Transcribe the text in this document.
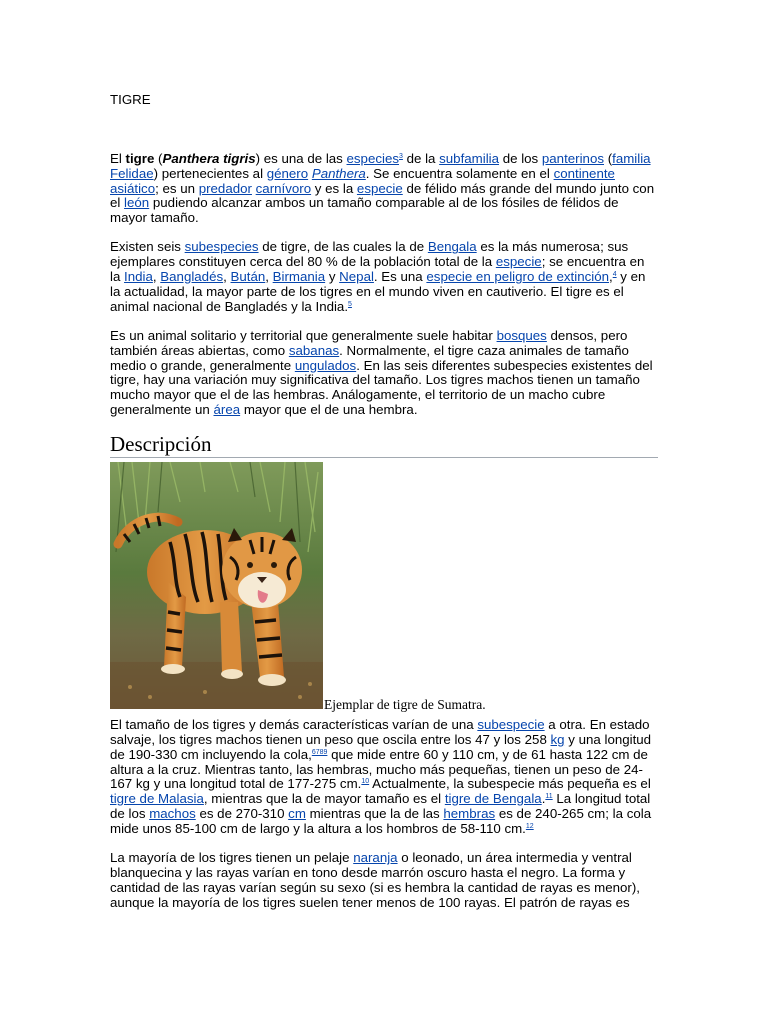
TIGRE

El tigre (Panthera tigris) es una de las especies$^3$ de la subfamilia de los panterinos (familia Felidae) pertenecientes al género Panthera. Se encuentra solamente en el continente asiático; es un predador carnívoro y es la especie de félido más grande del mundo junto con el león pudiendo alcanzar ambos un tamaño comparable al de los fósiles de félidos de mayor tamaño.

Existen seis subespecies de tigre, de las cuales la de Bengala es la más numerosa; sus ejemplares constituyen cerca del 80 % de la población total de la especie; se encuentra en la India, Bangladés, Bután, Birmania y Nepal. Es una especie en peligro de extinción,$^4$ y en la actualidad, la mayor parte de los tigres en el mundo viven en cautiverio. El tigre es el animal nacional de Bangladés y la India.$^5$

Es un animal solitario y territorial que generalmente suele habitar bosques densos, pero también áreas abiertas, como sabanas. Normalmente, el tigre caza animales de tamaño medio o grande, generalmente ungulados. En las seis diferentes subespecies existentes del tigre, hay una variación muy significativa del tamaño. Los tigres machos tienen un tamaño mucho mayor que el de las hembras. Análogamente, el territorio de un macho cubre generalmente un área mayor que el de una hembra.

Descripción
Ejemplar de tigre de Sumatra.

El tamaño de los tigres y demás características varían de una subespecie a otra. En estado salvaje, los tigres machos tienen un peso que oscila entre los 47 y los 258 kg y una longitud de 190-330 cm incluyendo la cola,$^{6789}$ que mide entre 60 y 110 cm, y de 61 hasta 122 cm de altura a la cruz. Mientras tanto, las hembras, mucho más pequeñas, tienen un peso de 24-167 kg y una longitud total de 177-275 cm.$^{10}$ Actualmente, la subespecie más pequeña es el tigre de Malasia, mientras que la de mayor tamaño es el tigre de Bengala.$^{11}$ La longitud total de los machos es de 270-310 cm mientras que la de las hembras es de 240-265 cm; la cola mide unos 85-100 cm de largo y la altura a los hombros de 58-110 cm.$^{12}$

La mayoría de los tigres tienen un pelaje naranja o leonado, un área intermedia y ventral blanquecina y las rayas varían en tono desde marrón oscuro hasta el negro. La forma y cantidad de las rayas varían según su sexo (si es hembra la cantidad de rayas es menor), aunque la mayoría de los tigres suelen tener menos de 100 rayas. El patrón de rayas es
